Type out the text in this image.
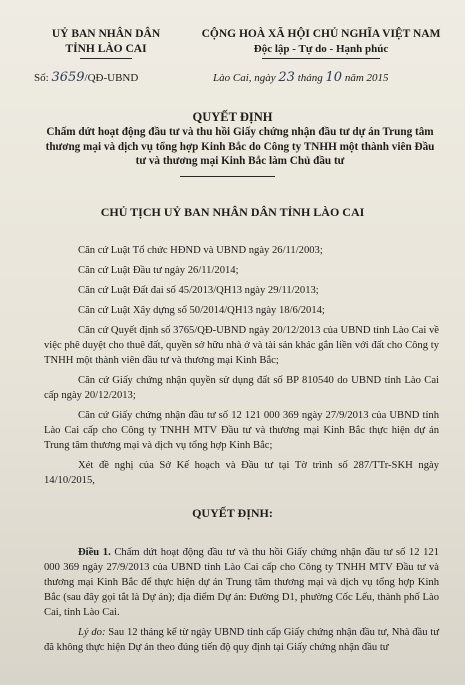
UỶ BAN NHÂN DÂN
TỈNH LÀO CAI
CỘNG HOÀ XÃ HỘI CHỦ NGHĨA VIỆT NAM
Độc lập - Tự do - Hạnh phúc
Số: 3659/QĐ-UBND	Lào Cai, ngày 23 tháng 10 năm 2015
QUYẾT ĐỊNH
Chấm dứt hoạt động đầu tư và thu hồi Giấy chứng nhận đầu tư dự án Trung tâm thương mại và dịch vụ tổng hợp Kinh Bắc do Công ty TNHH một thành viên Đầu tư và thương mại Kinh Bắc làm Chủ đầu tư
CHỦ TỊCH UỶ BAN NHÂN DÂN TỈNH LÀO CAI

Căn cứ Luật Tổ chức HĐND và UBND ngày 26/11/2003;

Căn cứ Luật Đầu tư ngày 26/11/2014;

Căn cứ Luật Đất đai số 45/2013/QH13 ngày 29/11/2013;

Căn cứ Luật Xây dựng số 50/2014/QH13 ngày 18/6/2014;

Căn cứ Quyết định số 3765/QĐ-UBND ngày 20/12/2013 của UBND tỉnh Lào Cai về việc phê duyệt cho thuê đất, quyền sở hữu nhà ở và tài sản khác gắn liền với đất cho Công ty TNHH một thành viên đầu tư và thương mại Kinh Bắc;

Căn cứ Giấy chứng nhận quyền sử dụng đất số BP 810540 do UBND tỉnh Lào Cai cấp ngày 20/12/2013;

Căn cứ Giấy chứng nhận đầu tư số 12 121 000 369 ngày 27/9/2013 của UBND tỉnh Lào Cai cấp cho Công ty TNHH MTV Đầu tư và thương mại Kinh Bắc thực hiện dự án Trung tâm thương mại và dịch vụ tổng hợp Kinh Bắc;

Xét đề nghị của Sở Kế hoạch và Đầu tư tại Tờ trình số 287/TTr-SKH ngày 14/10/2015,

QUYẾT ĐỊNH:

Điều 1. Chấm dứt hoạt động đầu tư và thu hồi Giấy chứng nhận đầu tư số 12 121 000 369 ngày 27/9/2013 của UBND tỉnh Lào Cai cấp cho Công ty TNHH MTV Đầu tư và thương mại Kinh Bắc để thực hiện dự án Trung tâm thương mại và dịch vụ tổng hợp Kinh Bắc (sau đây gọi tắt là Dự án); địa điểm Dự án: Đường D1, phường Cốc Lếu, thành phố Lào Cai, tỉnh Lào Cai.

Lý do: Sau 12 tháng kể từ ngày UBND tỉnh cấp Giấy chứng nhận đầu tư, Nhà đầu tư đã không thực hiện Dự án theo đúng tiến độ quy định tại Giấy chứng nhận đầu tư
